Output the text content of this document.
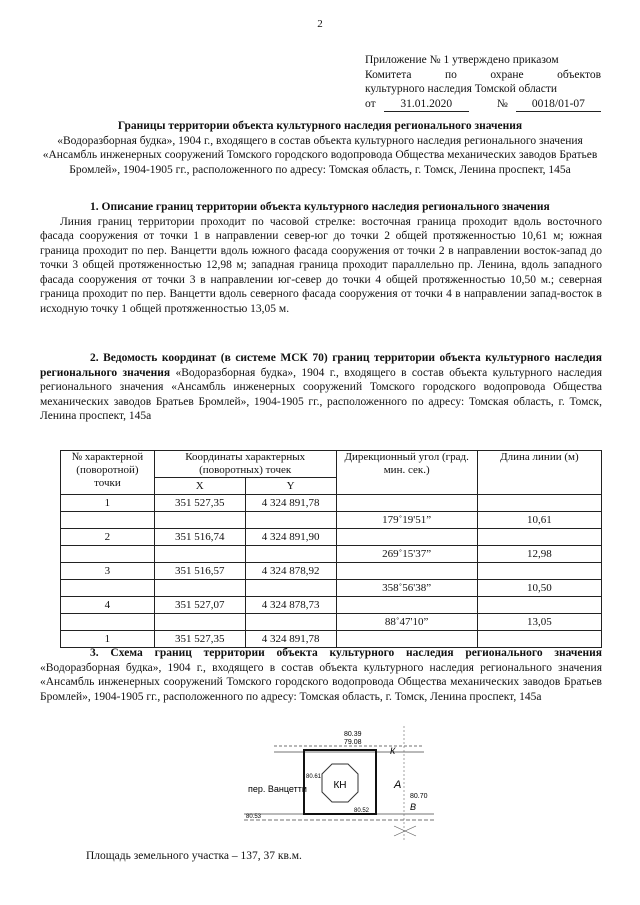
2
Приложение № 1 утверждено приказом
Комитета по охране объектов
культурного наследия Томской области
от	31.01.2020	№	0018/01-07
Границы территории объекта культурного наследия регионального значения
«Водоразборная будка», 1904 г., входящего в состав объекта культурного наследия регионального значения «Ансамбль инженерных сооружений Томского городского водопровода Общества механических заводов Братьев Бромлей», 1904-1905 гг., расположенного по адресу: Томская область, г. Томск, Ленина проспект, 145а
1. Описание границ территории объекта культурного наследия регионального значения
Линия границ территории проходит по часовой стрелке: восточная граница проходит вдоль восточного фасада сооружения от точки 1 в направлении север-юг до точки 2 общей протяженностью 10,61 м; южная граница проходит по пер. Ванцетти вдоль южного фасада сооружения от точки 2 в направлении восток-запад до точки 3 общей протяженностью 12,98 м; западная граница проходит параллельно пр. Ленина, вдоль западного фасада сооружения от точки 3 в направлении юг-север до точки 4 общей протяженностью 10,50 м.; северная граница проходит по пер. Ванцетти вдоль северного фасада сооружения от точки 4 в направлении запад-восток в исходную точку 1 общей протяженностью 13,05 м.
2. Ведомость координат (в системе МСК 70) границ территории объекта культурного наследия регионального значения «Водоразборная будка», 1904 г., входящего в состав объекта культурного наследия регионального значения «Ансамбль инженерных сооружений Томского городского водопровода Общества механических заводов Братьев Бромлей», 1904-1905 гг., расположенного по адресу: Томская область, г. Томск, Ленина проспект, 145а
№ характерной (поворотной) точки	Координаты характерных (поворотных) точек		Дирекционный угол (град. мин. сек.)	Длина линии (м)
	X	Y		
1	351 527,35	4 324 891,78		
			179˚19'51”	10,61
2	351 516,74	4 324 891,90		
			269˚15'37”	12,98
3	351 516,57	4 324 878,92		
			358˚56'38”	10,50
4	351 527,07	4 324 878,73		
			88˚47'10”	13,05
1	351 527,35	4 324 891,78		
3. Схема границ территории объекта культурного наследия регионального значения «Водоразборная будка», 1904 г., входящего в состав объекта культурного наследия регионального значения «Ансамбль инженерных сооружений Томского городского водопровода Общества механических заводов Братьев Бромлей», 1904-1905 гг., расположенного по адресу: Томская область, г. Томск, Ленина проспект, 145а
КН
80.39
79.08
80.61
80.52
80.70
80.53
пер. Ванцетти
К
А
В
Площадь земельного участка – 137, 37 кв.м.
